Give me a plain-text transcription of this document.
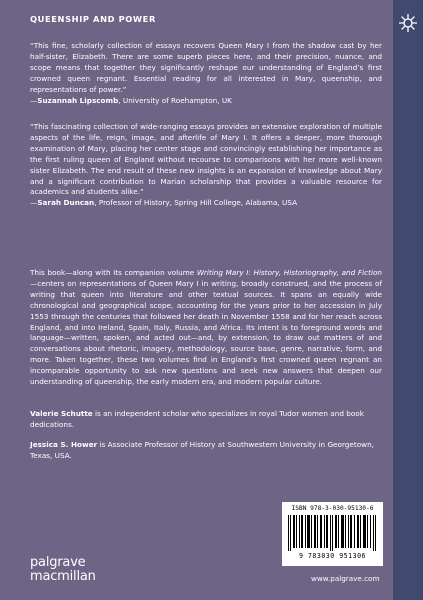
QUEENSHIP AND POWER

“This fine, scholarly collection of essays recovers Queen Mary I from the shadow cast by her half-sister, Elizabeth. There are some superb pieces here, and their precision, nuance, and scope means that together they significantly reshape our understanding of England’s first crowned queen regnant. Essential reading for all interested in Mary, queenship, and representations of power.”

—Suzannah Lipscomb, University of Roehampton, UK

“This fascinating collection of wide-ranging essays provides an extensive exploration of multiple aspects of the life, reign, image, and afterlife of Mary I. It offers a deeper, more thorough examination of Mary, placing her center stage and convincingly establishing her importance as the first ruling queen of England without recourse to comparisons with her more well-known sister Elizabeth. The end result of these new insights is an expansion of knowledge about Mary and a significant contribution to Marian scholarship that provides a valuable resource for academics and students alike.”

—Sarah Duncan, Professor of History, Spring Hill College, Alabama, USA

This book—along with its companion volume Writing Mary I: History, Historiography, and Fiction—centers on representations of Queen Mary I in writing, broadly construed, and the process of writing that queen into literature and other textual sources. It spans an equally wide chronological and geographical scope, accounting for the years prior to her accession in July 1553 through the centuries that followed her death in November 1558 and for her reach across England, and into Ireland, Spain, Italy, Russia, and Africa. Its intent is to foreground words and language—written, spoken, and acted out—and, by extension, to draw out matters of and conversations about rhetoric, imagery, methodology, source base, genre, narrative, form, and more. Taken together, these two volumes find in England’s first crowned queen regnant an incomparable opportunity to ask new questions and seek new answers that deepen our understanding of queenship, the early modern era, and modern popular culture.

Valerie Schutte is an independent scholar who specializes in royal Tudor women and book dedications.

Jessica S. Hower is Associate Professor of History at Southwestern University in Georgetown, Texas, USA.

ISBN 978-3-030-95130-6
9 783030 951306
palgrave
macmillan	www.palgrave.com
